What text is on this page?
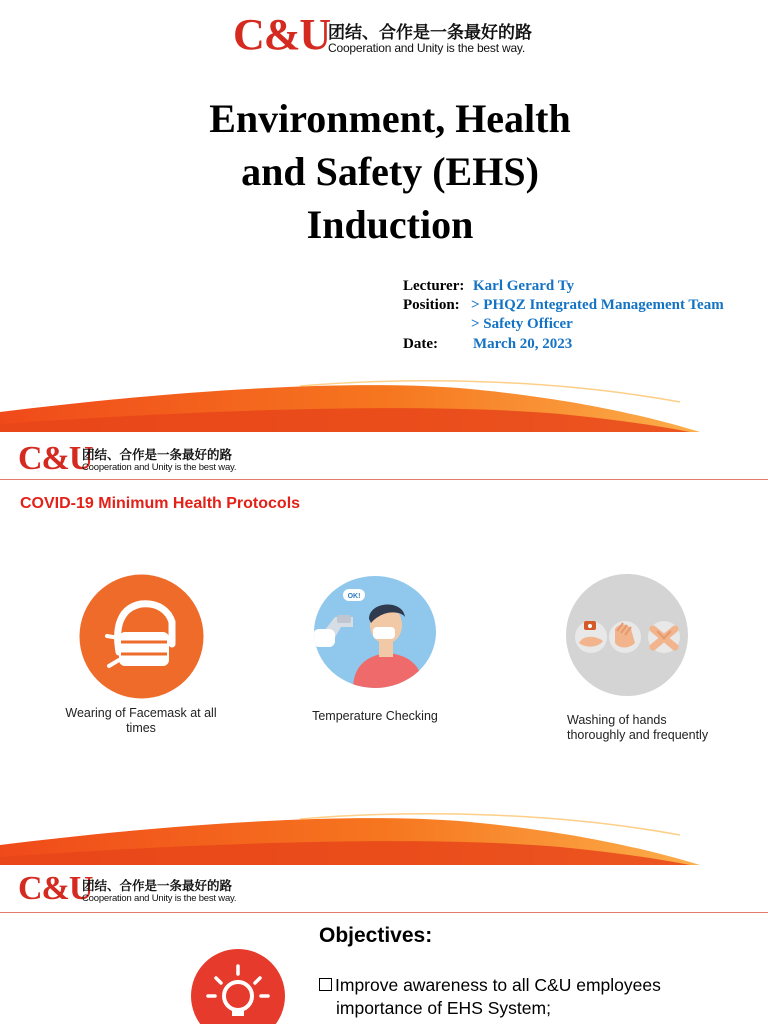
C&U
团结、合作是一条最好的路
Cooperation and Unity is the best way.
Environment, Health
and Safety (EHS)
Induction
Lecturer: Karl Gerard Ty
Position: > PHQZ Integrated Management Team
> Safety Officer
Date: March 20, 2023
C&U
团结、合作是一条最好的路
Cooperation and Unity is the best way.
COVID-19 Minimum Health Protocols
OK!
Wearing of Facemask at all
times
Temperature Checking	Washing of hands
thoroughly and frequently
C&U
团结、合作是一条最好的路
Cooperation and Unity is the best way.
Objectives:
Improve awareness to all C&U employees
importance of EHS System;
